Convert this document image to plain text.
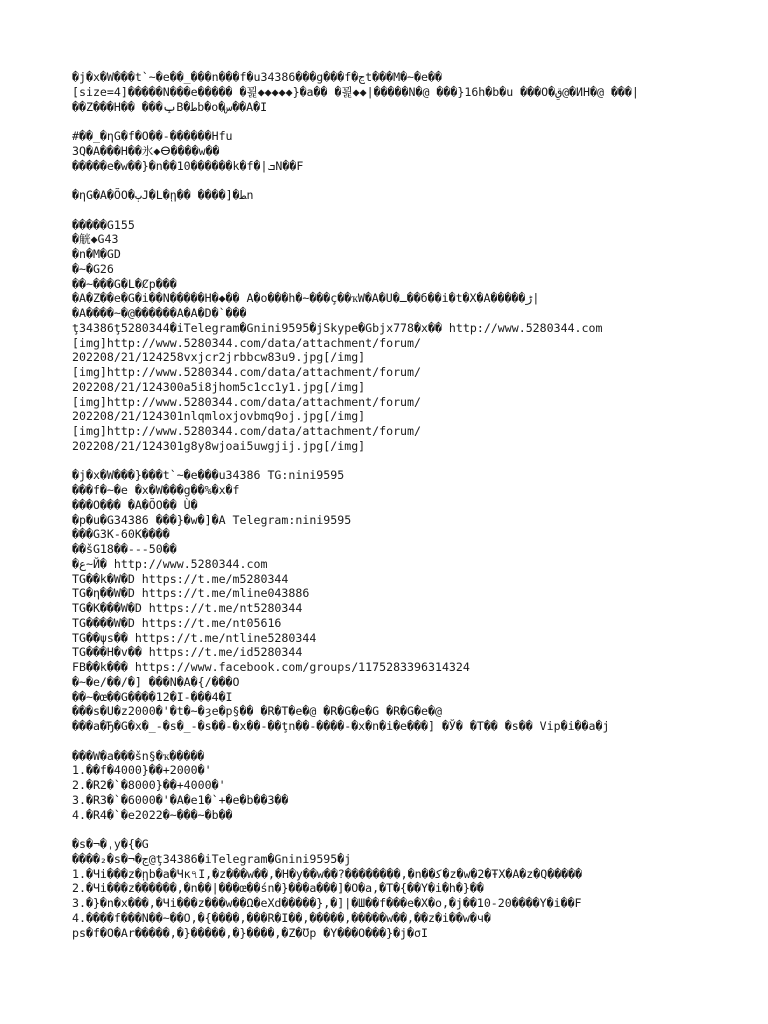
�j�x�W���t`~�e��_���n���f�u34386���g���f�ڃt���M�~�e��
[size=4]�����N���e����� �꾍◆◆◆◆◆}�a�� �꾍◆◆|�����N�@ ���}16h�b�u ���O�قِ@�ИН�@ ���|
��Z���H�� ���ݕB�ﻁb�o�س��A�I
#��_�ηG�f�O��-������Hfu
3Q�A���H��氷◆ⴱ����w��
�����e�w��}�n��10������k�f�|ܒN��F
�ηG�A�ÕO�ٻJ�L�ῃ�� ����]�ﻄn
�����G155
�觥◆G43
�n�M�GD
�~�G26
��~���G�L�Ȼp���
�A�Z��e�G�i��N�����H�◆�� A�o���h�~���ç��ҡW�A�U�ـ��б��i�t�X�A�����ڑ|
�A����~�@������A�A�D�`���
ţ34386ţ5280344�iTelegram�Gnini9595�jSkype�Gbjx778�x�� http://www.5280344.com
[img]http://www.5280344.com/data/attachment/forum/
202208/21/124258vxjcr2jrbbcw83u9.jpg[/img]
[img]http://www.5280344.com/data/attachment/forum/
202208/21/124300a5i8jhom5c1cc1y1.jpg[/img]
[img]http://www.5280344.com/data/attachment/forum/
202208/21/124301nlqmloxjovbmq9oj.jpg[/img]
[img]http://www.5280344.com/data/attachment/forum/
202208/21/124301g8y8wjoai5uwgjij.jpg[/img]
�j�x�W���}���t`~�e���u34386 TG:nini9595
���f�~�e �x�W���g��%�x�f
���O��� �A�ÕO�� Ù�
�p�u�G34386 ���}�w�]�A Telegram:nini9595
���G3K-60K����
��šG18��---50��
�ﻉ~Й� http://www.5280344.com
TG��k�W�D https://t.me/m5280344
TG�η��W�D https://t.me/mline043886
TG�K���W�D https://t.me/nt5280344
TG����W�D https://t.me/nt05616
TG��ψs�� https://t.me/ntline5280344
TG���H�v�� https://t.me/id5280344
FB��k��� https://www.facebook.com/groups/1175283396314324
�~�e/��/�] ���N�A�{/���O
��~�œ��G����12�I-���4�I
���s�U�z2000�'�t�~�ȝe�p§�� �R�T�e�@ �R�G�e�G �R�G�e�@
���a�Ђ�G�x�_-�s�_-�s��-�x��-��ţn��-����-�x�n�i�e���] �Ў� �T�� �s�� Vip�i��a�j
���W�a���šn§�ҡ�����
1.��f�4000}��+2000�'
2.�R2�`�8000}��+4000�'
3.�R3�`�6000�'�A�e1�`+�e�b��3��
4.�R4�`�e2022�~���~�b��
�s�¬�ˌy�{�G
����₂�s�¬�ڃ@ţ34386�iTelegram�Gnini9595�j
1.�Чi���z�ῃb�a�Чĸ৭I,�z���w��,�H�y��w��?��������,�n��ﻛ�z�w�2�ŦX�A�z�Q�����
2.�Чi���z������,�n��|���œ��śn�}���a���]�O�a,�T�{��Y�i�h�}��
3.�}�n�x���,�Чi���z���w��Ω�eXd�����},�]|�Ш��f���e�X�o,�j��10-20����Y�i��F
4.����f���N��~��O,�{����,���R�I��,�����,�����w��,��z�i��w�ч�
ps�f�O�Ar�����,�}�����,�}����,�Z�Ʊp �Y���O���}�j�σI
